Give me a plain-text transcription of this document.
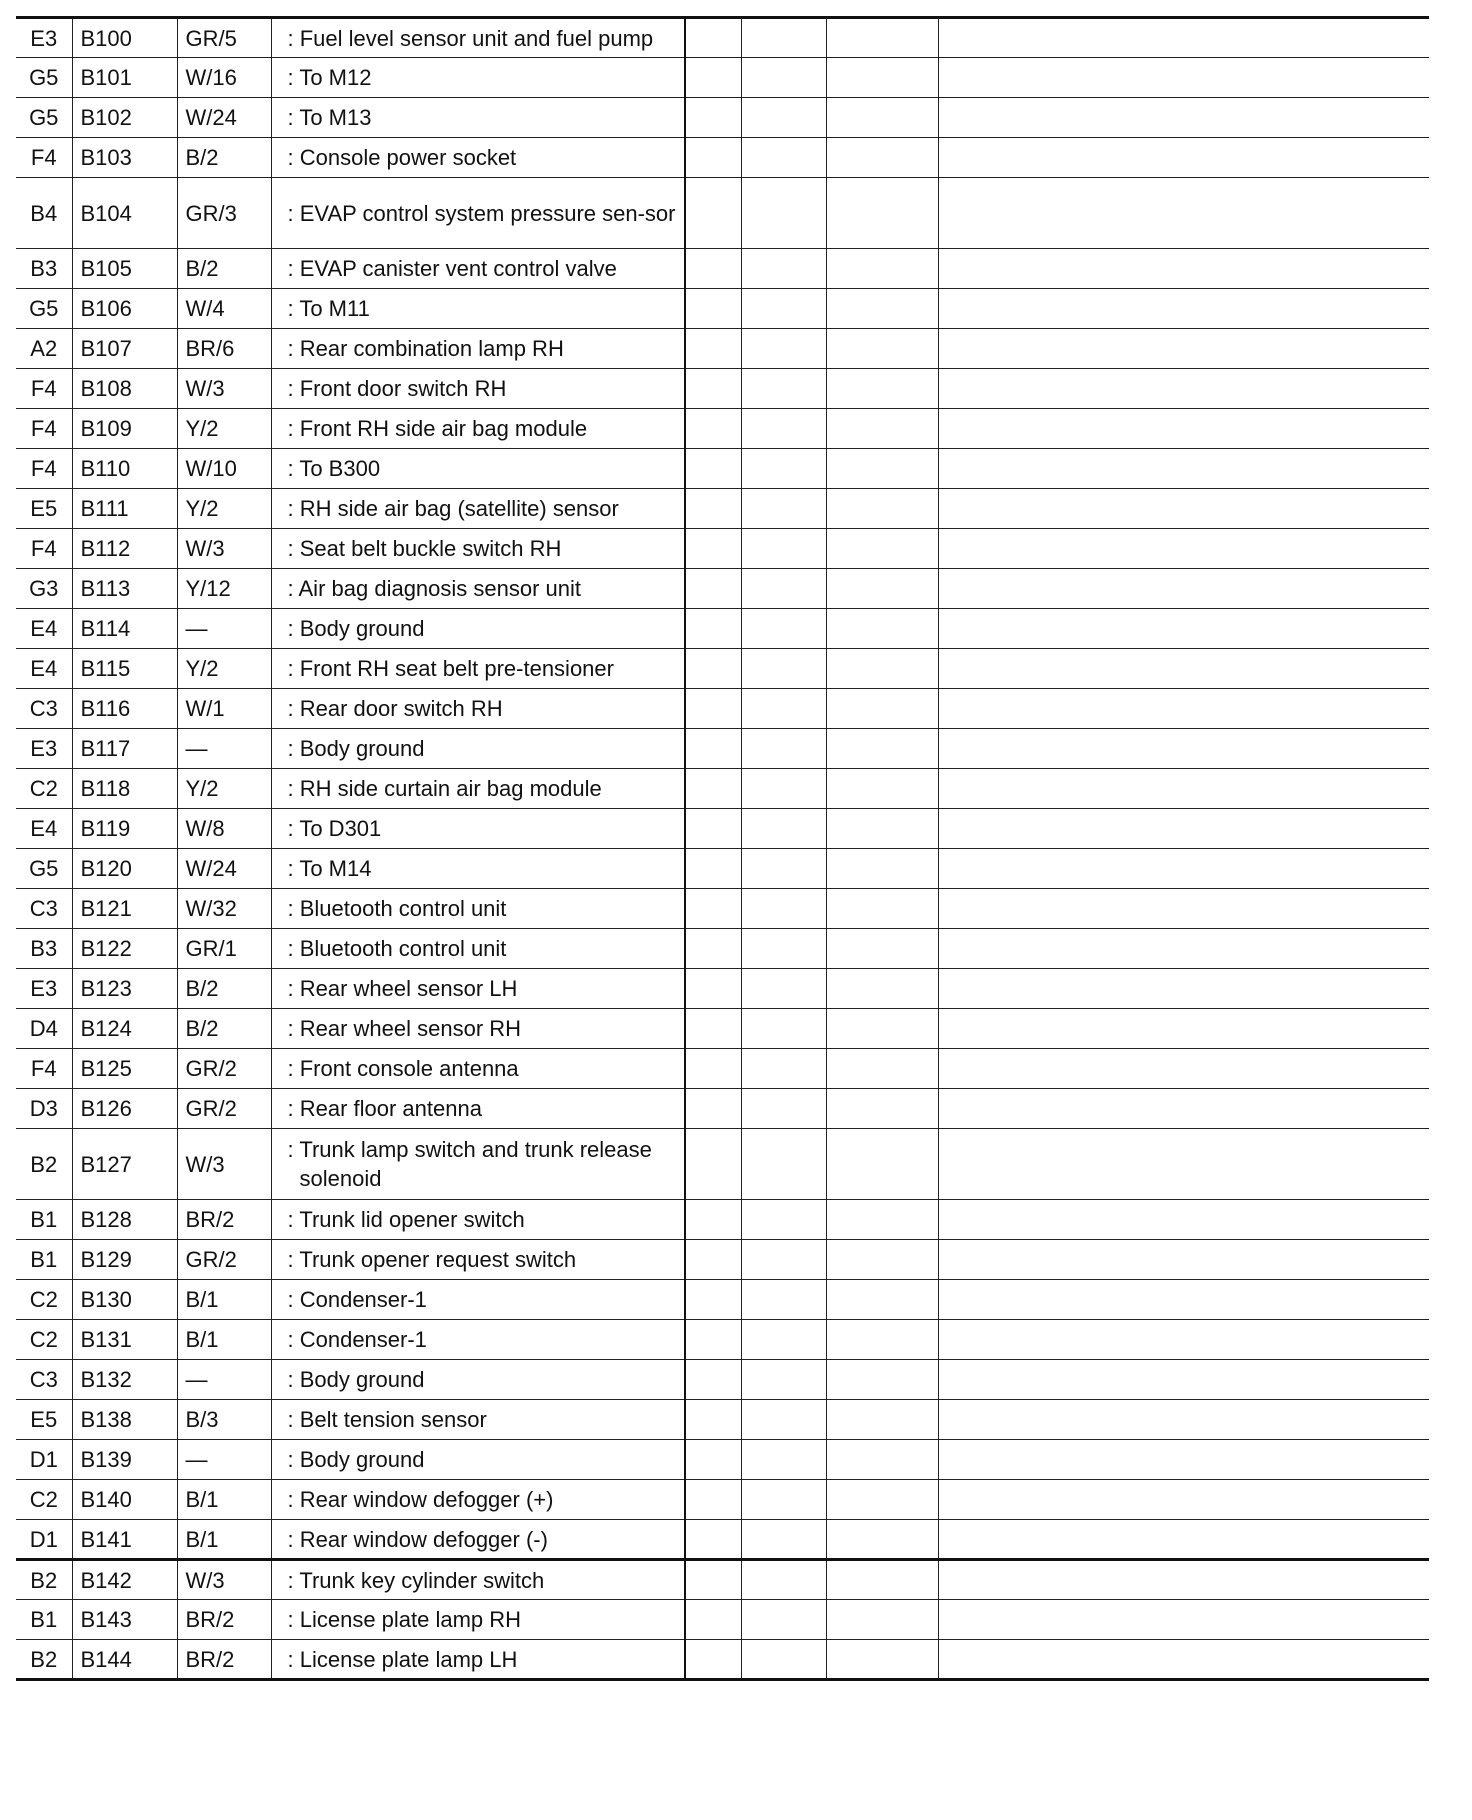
E3	B100	GR/5	: Fuel level sensor unit and fuel pump				

G5	B101	W/16	: To M12				

G5	B102	W/24	: To M13				

F4	B103	B/2	: Console power socket				

B4	B104	GR/3	: EVAP control system pressure sen-sor				

B3	B105	B/2	: EVAP canister vent control valve				

G5	B106	W/4	: To M11				

A2	B107	BR/6	: Rear combination lamp RH				

F4	B108	W/3	: Front door switch RH				

F4	B109	Y/2	: Front RH side air bag module				

F4	B110	W/10	: To B300				

E5	B111	Y/2	: RH side air bag (satellite) sensor				

F4	B112	W/3	: Seat belt buckle switch RH				

G3	B113	Y/12	: Air bag diagnosis sensor unit				

E4	B114	—	: Body ground				

E4	B115	Y/2	: Front RH seat belt pre-tensioner				

C3	B116	W/1	: Rear door switch RH				

E3	B117	—	: Body ground				

C2	B118	Y/2	: RH side curtain air bag module				

E4	B119	W/8	: To D301				

G5	B120	W/24	: To M14				

C3	B121	W/32	: Bluetooth control unit				

B3	B122	GR/1	: Bluetooth control unit				

E3	B123	B/2	: Rear wheel sensor LH				

D4	B124	B/2	: Rear wheel sensor RH				

F4	B125	GR/2	: Front console antenna				

D3	B126	GR/2	: Rear floor antenna				

B2	B127	W/3	: Trunk lamp switch and trunk release solenoid				

B1	B128	BR/2	: Trunk lid opener switch				

B1	B129	GR/2	: Trunk opener request switch				

C2	B130	B/1	: Condenser-1				

C2	B131	B/1	: Condenser-1				

C3	B132	—	: Body ground				

E5	B138	B/3	: Belt tension sensor				

D1	B139	—	: Body ground				

C2	B140	B/1	: Rear window defogger (+)				

D1	B141	B/1	: Rear window defogger (-)				

B2	B142	W/3	: Trunk key cylinder switch				

B1	B143	BR/2	: License plate lamp RH				

B2	B144	BR/2	: License plate lamp LH				
